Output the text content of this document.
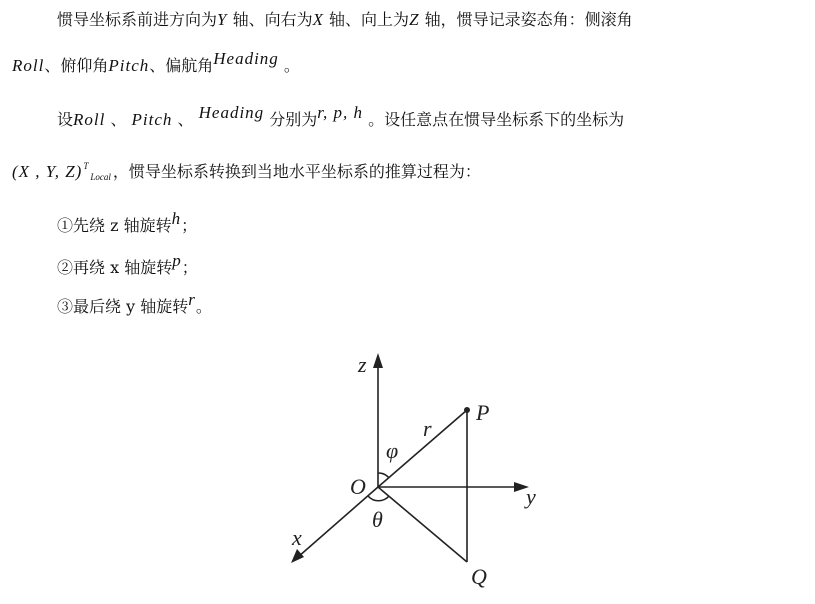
惯导坐标系前进方向为Y 轴、向右为X 轴、向上为Z 轴，惯导记录姿态角：侧滚角
Roll、俯仰角Pitch、偏航角Heading 。
设Roll 、 Pitch 、 Heading 分别为r, p, h 。设任意点在惯导坐标系下的坐标为
(X , Y, Z)TLocal ，惯导坐标系转换到当地水平坐标系的推算过程为：
①先绕 z 轴旋转h；
②再绕 x 轴旋转p；
③最后绕 y 轴旋转r。
z
P
r
φ
O	y
θ
x
Q
